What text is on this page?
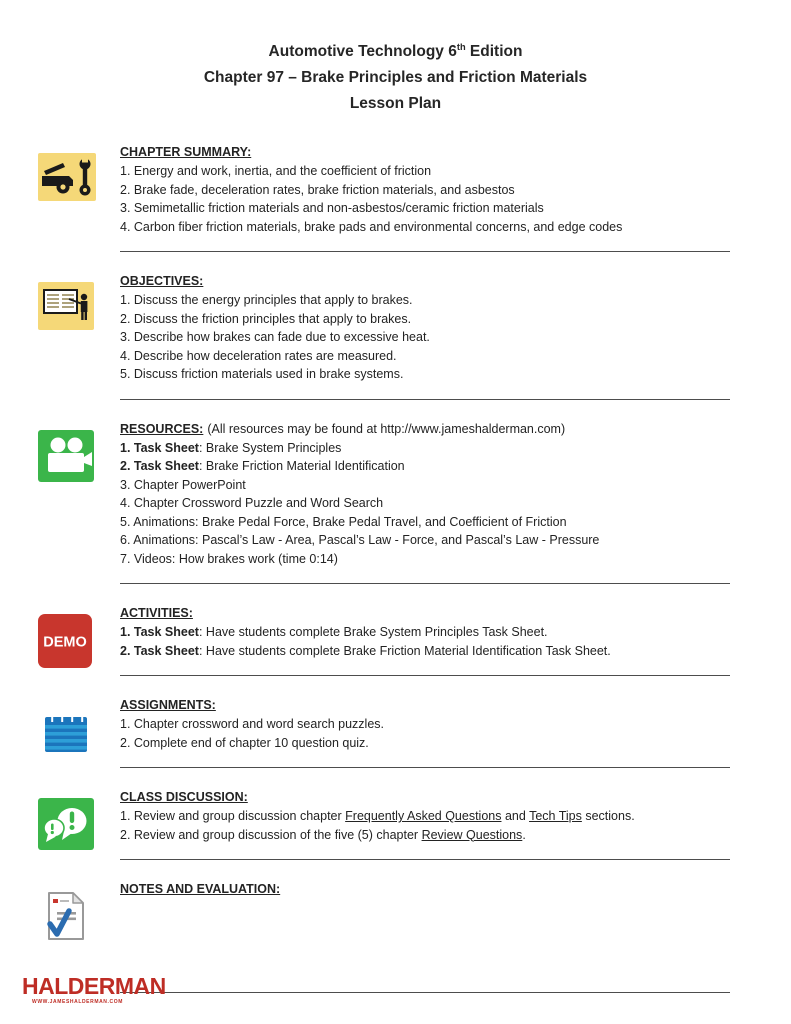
Automotive Technology 6th Edition
Chapter 97 – Brake Principles and Friction Materials
Lesson Plan
CHAPTER SUMMARY:
1. Energy and work, inertia, and the coefficient of friction
2. Brake fade, deceleration rates, brake friction materials, and asbestos
3. Semimetallic friction materials and non-asbestos/ceramic friction materials
4. Carbon fiber friction materials, brake pads and environmental concerns, and edge codes
OBJECTIVES:
1. Discuss the energy principles that apply to brakes.
2. Discuss the friction principles that apply to brakes.
3. Describe how brakes can fade due to excessive heat.
4. Describe how deceleration rates are measured.
5. Discuss friction materials used in brake systems.
RESOURCES: (All resources may be found at http://www.jameshalderman.com)
1. Task Sheet: Brake System Principles
2. Task Sheet: Brake Friction Material Identification
3. Chapter PowerPoint
4. Chapter Crossword Puzzle and Word Search
5. Animations: Brake Pedal Force, Brake Pedal Travel, and Coefficient of Friction
6. Animations: Pascal’s Law - Area, Pascal’s Law - Force, and Pascal’s Law - Pressure
7. Videos: How brakes work (time 0:14)
DEMO
ACTIVITIES:
1. Task Sheet: Have students complete Brake System Principles Task Sheet.
2. Task Sheet: Have students complete Brake Friction Material Identification Task Sheet.
ASSIGNMENTS:
1. Chapter crossword and word search puzzles.
2. Complete end of chapter 10 question quiz.
CLASS DISCUSSION:
1. Review and group discussion chapter Frequently Asked Questions and Tech Tips sections.
2. Review and group discussion of the five (5) chapter Review Questions.
NOTES AND EVALUATION:
HALDERMAN
WWW.JAMESHALDERMAN.COM
